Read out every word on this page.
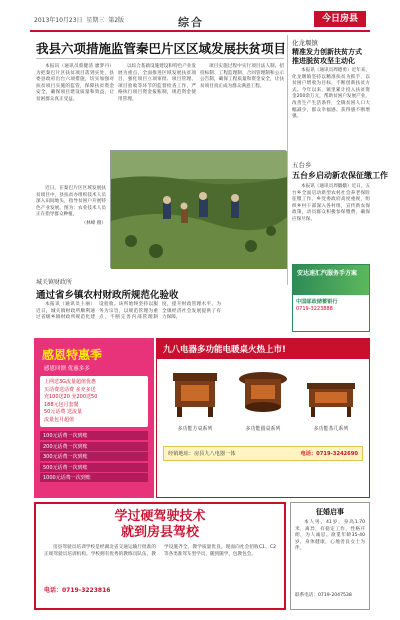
2013年10月23日 星期三 第2版	综合	今日房县
我县六项措施监管秦巴片区区域发展扶贫项目

本报讯（通讯员蔡健清 廖梦丹）为把秦巴片区扶贫项目落到实处，县委县政府出台六项措施，切实加强对扶贫项目实施的监管，保障扶贫资金安全，确保项目建设质量和效益，让贫困群众真正受益。

以综合基础设施建设和特色产业发展为重点，全面推进区域发展扶贫项目，强化项目立项审批、项目管理、项目验收等环节的监督检查工作，严格执行项目资金报账制，规范资金使用管理。

项目实施过程中实行项目法人制、招投标制、工程监理制、合同管理制和公示公告制，确保工程质量和资金安全，让扶贫项目真正成为群众满意工程。

近日，在秦巴片区区域发展扶贫项目中，县扶贫办组织技术人员深入田间地头，指导贫困户开展特色产业发展。图为：农业技术人员正在指导群众种植。

（林峰 摄）
化龙堰镇
精准发力创新扶贫方式 推进脱贫攻坚主动化

本报讯（通讯员周德勇）近年来，化龙堰镇坚持以精准扶贫为抓手，以贫困户增收为目标，不断创新扶贫方式。今年以来，镇里累计投入扶贫资金200余万元，帮助贫困户发展产业，改善生产生活条件，全镇贫困人口大幅减少，群众幸福感、获得感不断增强。

五台乡
五台乡启动新农保征缴工作

本报讯（通讯员周徽娥）近日，五台乡全面启动新型农村社会养老保险征缴工作。乡党委政府高度重视，组织乡村干部深入各村组，宣传新农保政策，动员群众积极参保缴费，确保应保尽保。

城关镇财政所
通过省乡镇农村财政所规范化验收

本报讯（通讯员王丽）近日，城关镇财政所顺利通过省级乡镇财政所规范化建设验收。该所始终坚持以服务为宗旨，以规范管理为重点，不断完善内部管理制度，提升财政管理水平，为全镇经济社会发展提供了有力保障。

安达速汇汽服务手方案
中国邮政储蓄银行
0719-3223888
感恩特惠季
感恩回馈 优惠多多
上网送3G流量超值优惠
买话费送话费 多充多送
充100送20 充200送50
188元包月套餐
50元话费 送流量
流量包月超值
100元话费一次到账
200元话费一次到账
300元话费一次到账
500元话费一次到账
1000元话费一次到账
九八电器多功能电暖桌火热上市!
多功能方桌系列	多功能圆桌系列	多功能茶几系列
经销地址：房县九八电器一体	电话：0719-3242690
学过硬驾驶技术
就到房县驾校

房县驾驶员培训学校是经湖北省交通运输厅批准的正规驾驶员培训机构。学校拥有优秀的教练员队伍，教学设施齐全，教学质量优良。现面向社会招收C1、C2等各类准驾车型学员，随到随学，包教包会。

电话：0719-3223816
征婚启事

本人男，41岁，身高1.70米，离异，有稳定工作，性格开朗，为人诚恳。欲觅年龄35-40岁，身体健康，心地善良女士为伴。

联系电话：0719-2047538
